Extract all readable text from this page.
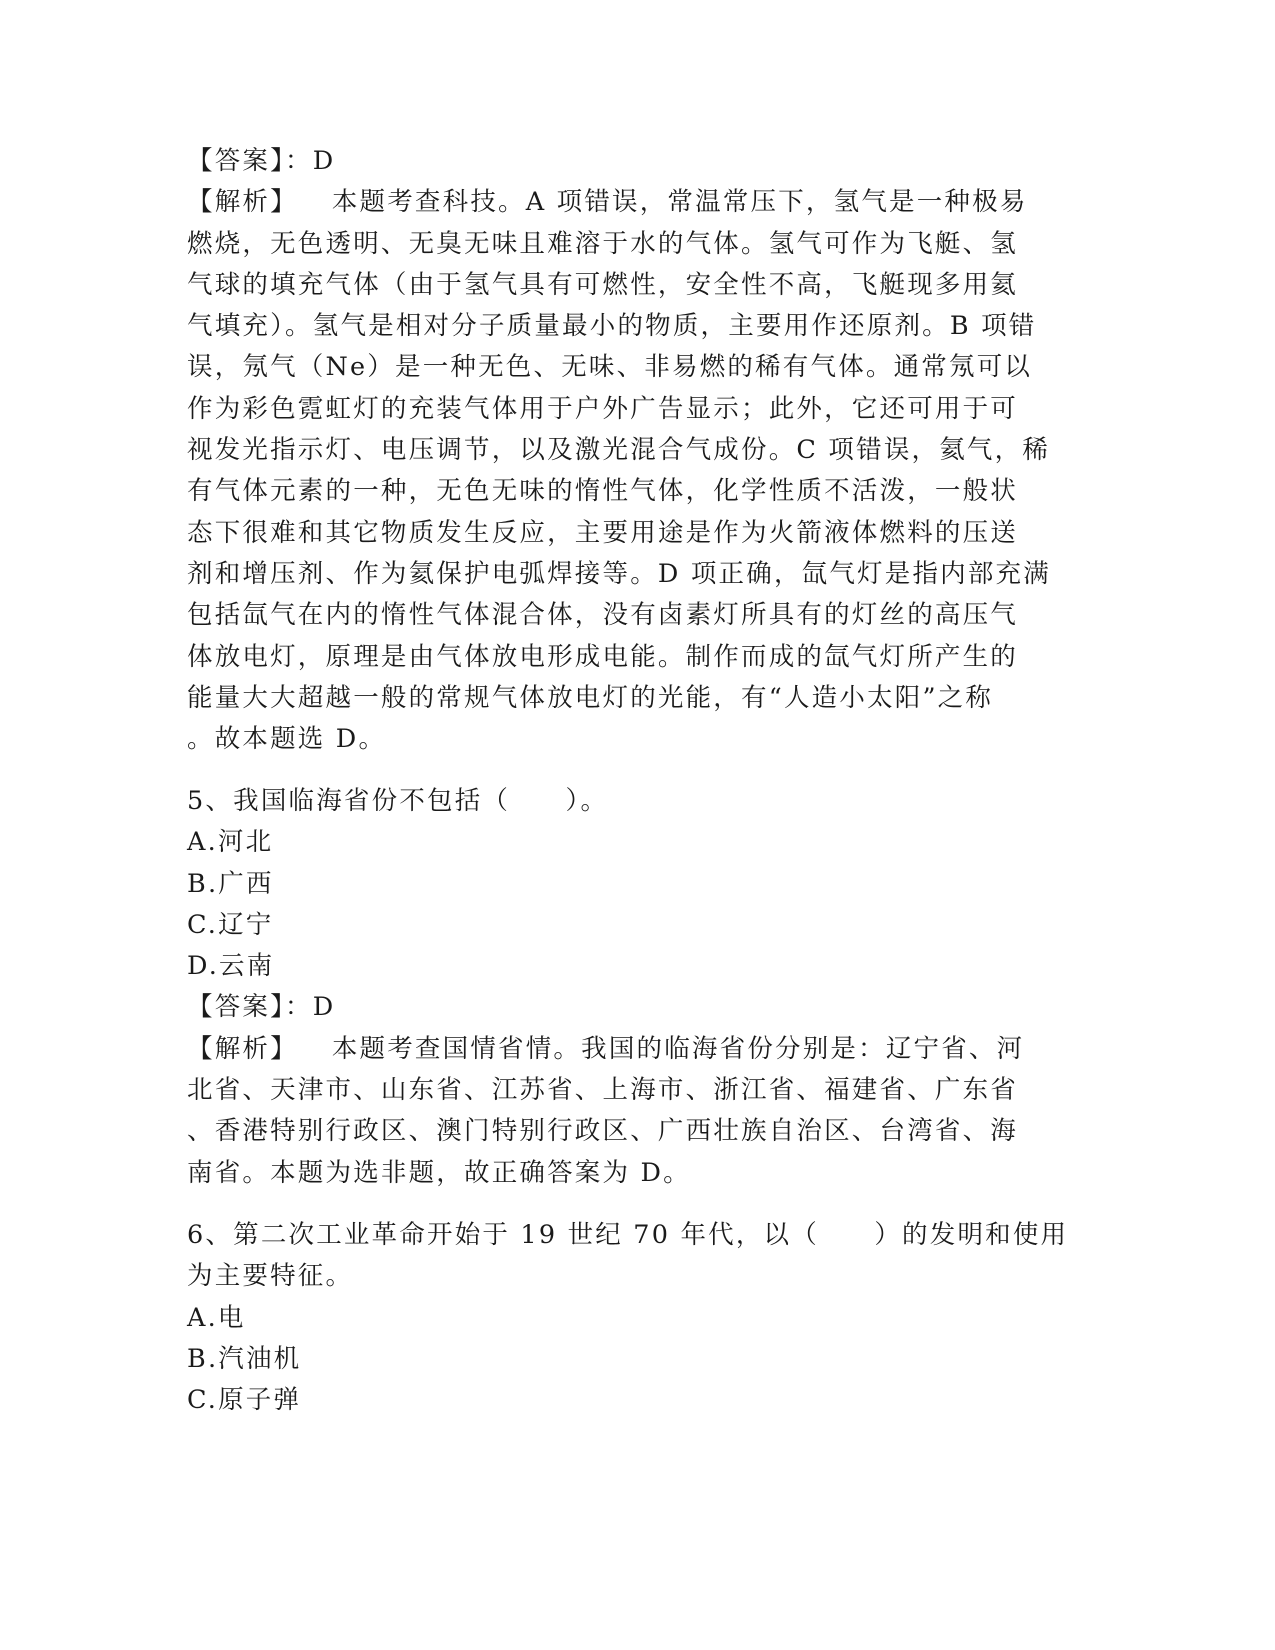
【答案】：D
【解析】 本题考查科技。A 项错误，常温常压下，氢气是一种极易
燃烧，无色透明、无臭无味且难溶于水的气体。氢气可作为飞艇、氢
气球的填充气体（由于氢气具有可燃性，安全性不高，飞艇现多用氦
气填充）。氢气是相对分子质量最小的物质，主要用作还原剂。B 项错
误，氖气（Ne）是一种无色、无味、非易燃的稀有气体。通常氖可以
作为彩色霓虹灯的充装气体用于户外广告显示；此外，它还可用于可
视发光指示灯、电压调节，以及激光混合气成份。C 项错误，氦气，稀
有气体元素的一种，无色无味的惰性气体，化学性质不活泼，一般状
态下很难和其它物质发生反应，主要用途是作为火箭液体燃料的压送
剂和增压剂、作为氦保护电弧焊接等。D 项正确，氙气灯是指内部充满
包括氙气在内的惰性气体混合体，没有卤素灯所具有的灯丝的高压气
体放电灯，原理是由气体放电形成电能。制作而成的氙气灯所产生的
能量大大超越一般的常规气体放电灯的光能，有“人造小太阳”之称
。故本题选 D。
5、我国临海省份不包括（　　）。
A.河北
B.广西
C.辽宁
D.云南
【答案】：D
【解析】 本题考查国情省情。我国的临海省份分别是：辽宁省、河
北省、天津市、山东省、江苏省、上海市、浙江省、福建省、广东省
、香港特别行政区、澳门特别行政区、广西壮族自治区、台湾省、海
南省。本题为选非题，故正确答案为 D。
6、第二次工业革命开始于 19 世纪 70 年代，以（　　）的发明和使用
为主要特征。
A.电
B.汽油机
C.原子弹
